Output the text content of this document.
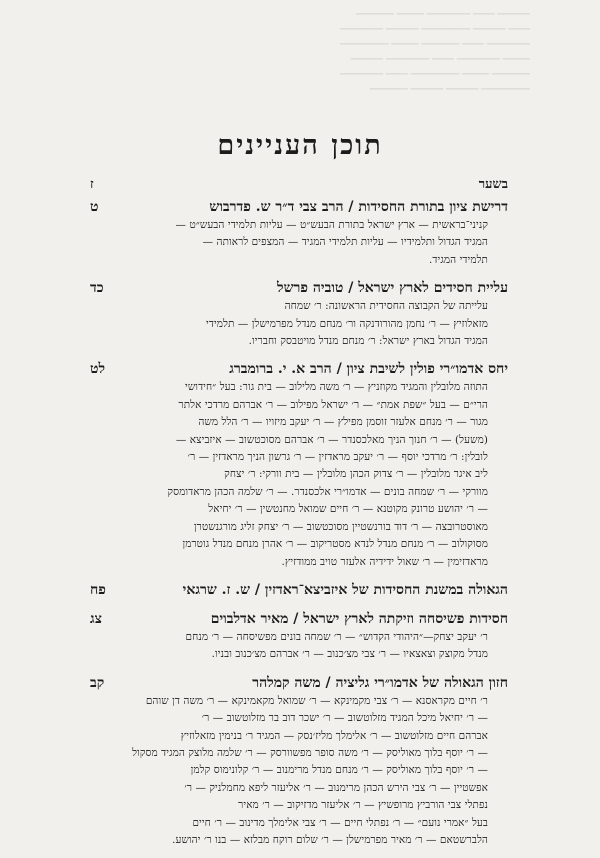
━━━━━━ ━━━━ ━━━━━━━━ ━━━━━ ━━━━━━━
━━━━ ━━━━━━ ━━━━━━━━━ ━━━━━━ ━━━━━━━━
━━━━━━━━ ━━━━ ━━━━━━━ ━━━━━ ━━━━━━━━━
━━━━━ ━━━━━━━━ ━━━━ ━━━━━━━━ ━━━━━━
━━━━━━━ ━━━━━ ━━━━━━━━━ ━━━━ ━━━━━━━━
━━━━━━━━━ ━━━━━━ ━━━━━━ ━━━━━━━
תוכן העניינים
בשער
ז
דרישת ציון בתורת החסידות / הרב צבי ד״ר ש. פדרבוש
ט
קניני־בראשית — ארץ ישראל בתורת הבעש״ט — עליות תלמידי הבעש״ט —
המגיד הגדול ותלמידיו — עליות תלמידי המגיד — המצפים לראותה —
תלמידי המגיד.
עליית חסידים לארץ ישראל / טוביה פרשל
כד
עלייתה של הקבוצה החסידית הראשונה: ר׳ שמחה
מזאלוזיץ — ר׳ נחמן מהורודנקה ור׳ מנחם מנדל מפרמישלן — תלמידי
המגיד הגדול בארץ ישראל: ר׳ מנחם מנדל מויטבסק וחבריו.
יחס אדמו״רי פולין לשיבת ציון / הרב א. י. ברומברג
לט
התוזה מלובלין והמגיד מקוזניץ — ר׳ משה מלילוב — בית גור: בעל ״חידושי
הרי״ם — בעל ״שפת אמת״ — ר׳ ישראל מפילוב — ר׳ אברהם מרדכי אלתר
מגור — ר׳ מנחם אלעזר זוסמן מפילץ — ר׳ יעקב מיזויו — ר׳ הלל משה
(משעל) — ר׳ חנוך הניך מאלכסנדר — ר׳ אברהם מסוכטשוב — איזביצא —
לובלין: ר׳ מרדכי יוסף — ר׳ יעקב מראדזין — ר׳ גרשון הניך מראדזין — ר׳
ליב איגר מלובלין — ר׳ צדוק הכהן מלובלין — בית וורקי: ר׳ יצחק
מוורקי — ר׳ שמחה בונים — אדמו״רי אלכסנדר. — ר׳ שלמה הכהן מראדומסק
— ר׳ יהושע טרונק מקוטנא — ר׳ חיים שמואל מחנטשין — ר׳ יחיאל
מאוסטרובצה — ר׳ דוד בורנשטיין מסוכטשוב — ר׳ יצחק זליג מורגנשטרן
מסוקולוב — ר׳ מנחם מנדל לנדא מסטריקוב — ר׳ אהרן מנחם מנדל גוטרמן
מראדזימין — ר׳ שאול ידידיה אלעזר טויב ממודזיץ.
הגאולה במשנת החסידות של איזביצא־ראדזין / ש. ז. שרגאי
פח
חסידות פשיסחה וזיקתה לארץ ישראל / מאיר אדלבוים
צג
ר׳ יעקב יצחק—״היהודי הקדוש״ — ר׳ שמחה בונים מפשיסחה — ר׳ מנחם
מנדל מקוצק וצאצאיו — ר׳ צבי מצ׳כנוב — ר׳ אברהם מצ׳כנוב ובניו.
חזון הגאולה של אדמו״רי גליציה / משה קמלהר
קב
ר׳ חיים מקראסנא — ר׳ צבי מקמינקא — ר׳ שמואל מקאמינקא — ר׳ משה דן שוהם
— ר׳ יחיאל מיכל המגיד מזלוטשוב — ר׳ ישכר דוב בר מזלוטשוב — ר׳
אברהם חיים מזלוטשוב — ר׳ אלימלך מליז׳נסק — המגיד ר׳ בנימין מזאלוזיץ
— ר׳ יוסף בלוך מאוליסק — ר׳ משה סופר מפשוורסק — ר׳ שלמה מלוצק המגיד מסקול
— ר׳ יוסף בלוך מאוליסק — ר׳ מנחם מנדל מרימנוב — ר׳ קלונימוס קלמן
אפשטיין — ר׳ צבי הירש הכהן מרימנוב — ר׳ אליעזר ליפא מחמלניק — ר׳
נפתלי צבי הורביץ מרופשיץ — ר׳ אליעזר מדזיקוב — ר׳ מאיר
בעל ״אמרי נועם״ — ר׳ נפתלי חיים — ר׳ צבי אלימלך מדינוב — ר׳ חיים
הלברשטאם — ר׳ מאיר מפרמישלן — ר׳ שלום רוקח מבלזא — בנו ר׳ יהושע.
